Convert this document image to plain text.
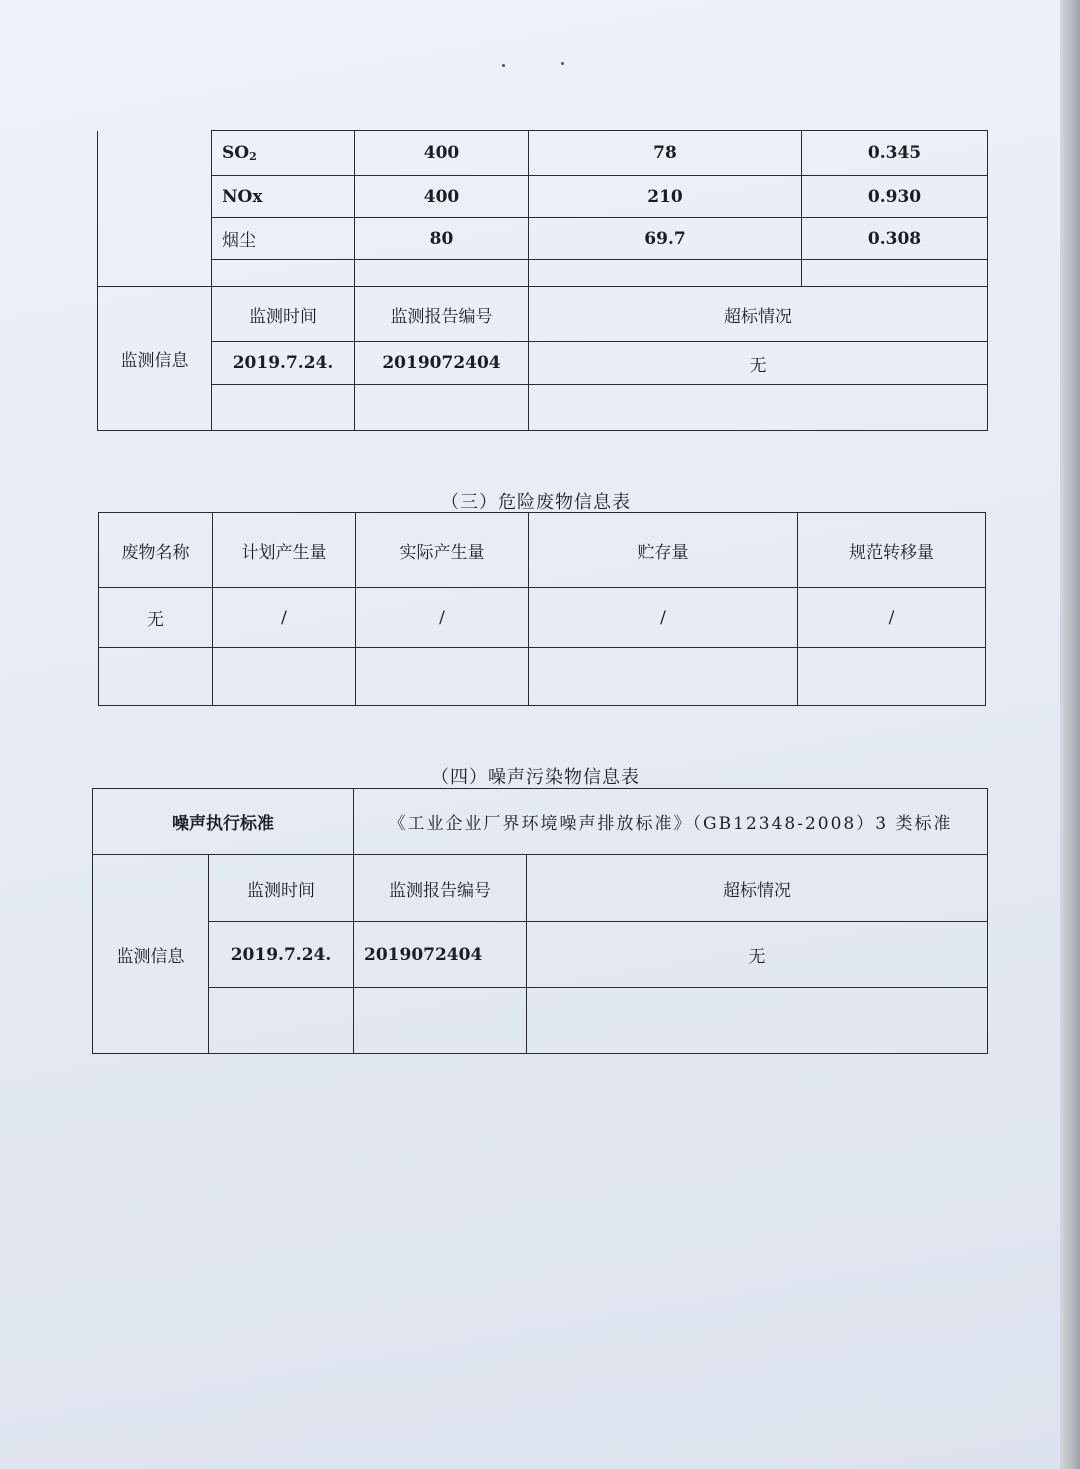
	$SO_2$	400	78	0.345
	NOx	400	210	0.930
	烟尘	80	69.7	0.308

监测信息	监测时间	监测报告编号	超标情况	
	2019.7.24.	2019072404	无	

（三）危险废物信息表
废物名称	计划产生量	实际产生量	贮存量	规范转移量
无	/	/	/	/

（四）噪声污染物信息表
噪声执行标准		《工业企业厂界环境噪声排放标准》（GB12348-2008）3 类标准	
监测信息	监测时间	监测报告编号	超标情况
	2019.7.24.	2019072404	无
